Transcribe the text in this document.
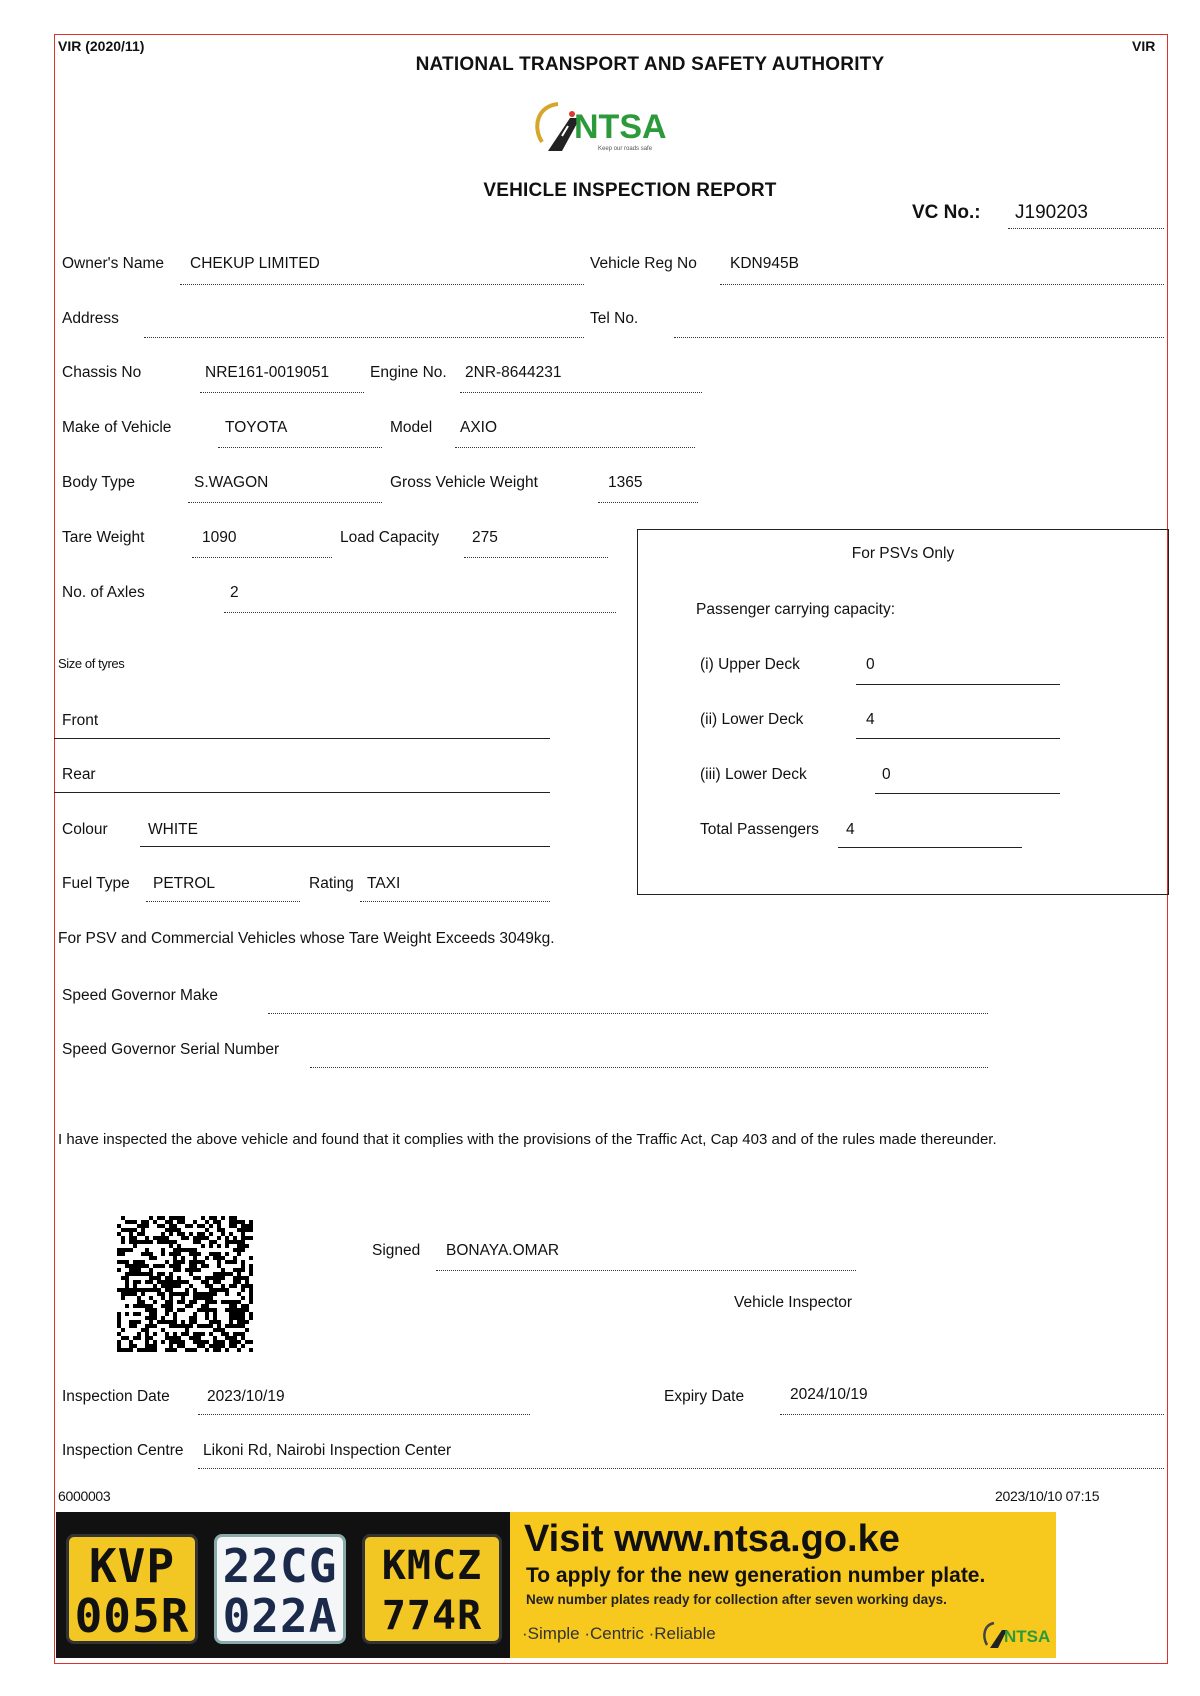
VIR (2020/11)	VIR
NATIONAL TRANSPORT AND SAFETY AUTHORITY
NTSA
Keep our roads safe
VEHICLE INSPECTION REPORT
VC No.: J190203
Owner's Name CHEKUP LIMITED	Vehicle Reg No KDN945B
Address	Tel No.
Chassis No	NRE161-0019051	Engine No. 2NR-8644231
Make of Vehicle	TOYOTA	Model AXIO
Body Type	S.WAGON	Gross Vehicle Weight	1365
Tare Weight	1090	Load Capacity 275
No. of Axles	2
Size of tyres
Front
Rear
Colour	WHITE
Fuel Type PETROL	Rating TAXI
For PSVs Only
Passenger carrying capacity:
(i) Upper Deck	0
(ii) Lower Deck	4
(iii) Lower Deck	0
Total Passengers 4
For PSV and Commercial Vehicles whose Tare Weight Exceeds 3049kg.
Speed Governor Make
Speed Governor Serial Number
I have inspected the above vehicle and found that it complies with the provisions of the Traffic Act, Cap 403 and of the rules made thereunder.
Signed BONAYA.OMAR
Vehicle Inspector
Inspection Date 2023/10/19	Expiry Date	2024/10/19
Inspection Centre Likoni Rd, Nairobi Inspection Center
6000003	2023/10/10 07:15
KVP
005R
22CG
022A
KMCZ
774R
Visit www.ntsa.go.ke
To apply for the new generation number plate.
New number plates ready for collection after seven working days.
·Simple ·Centric ·Reliable	NTSA
